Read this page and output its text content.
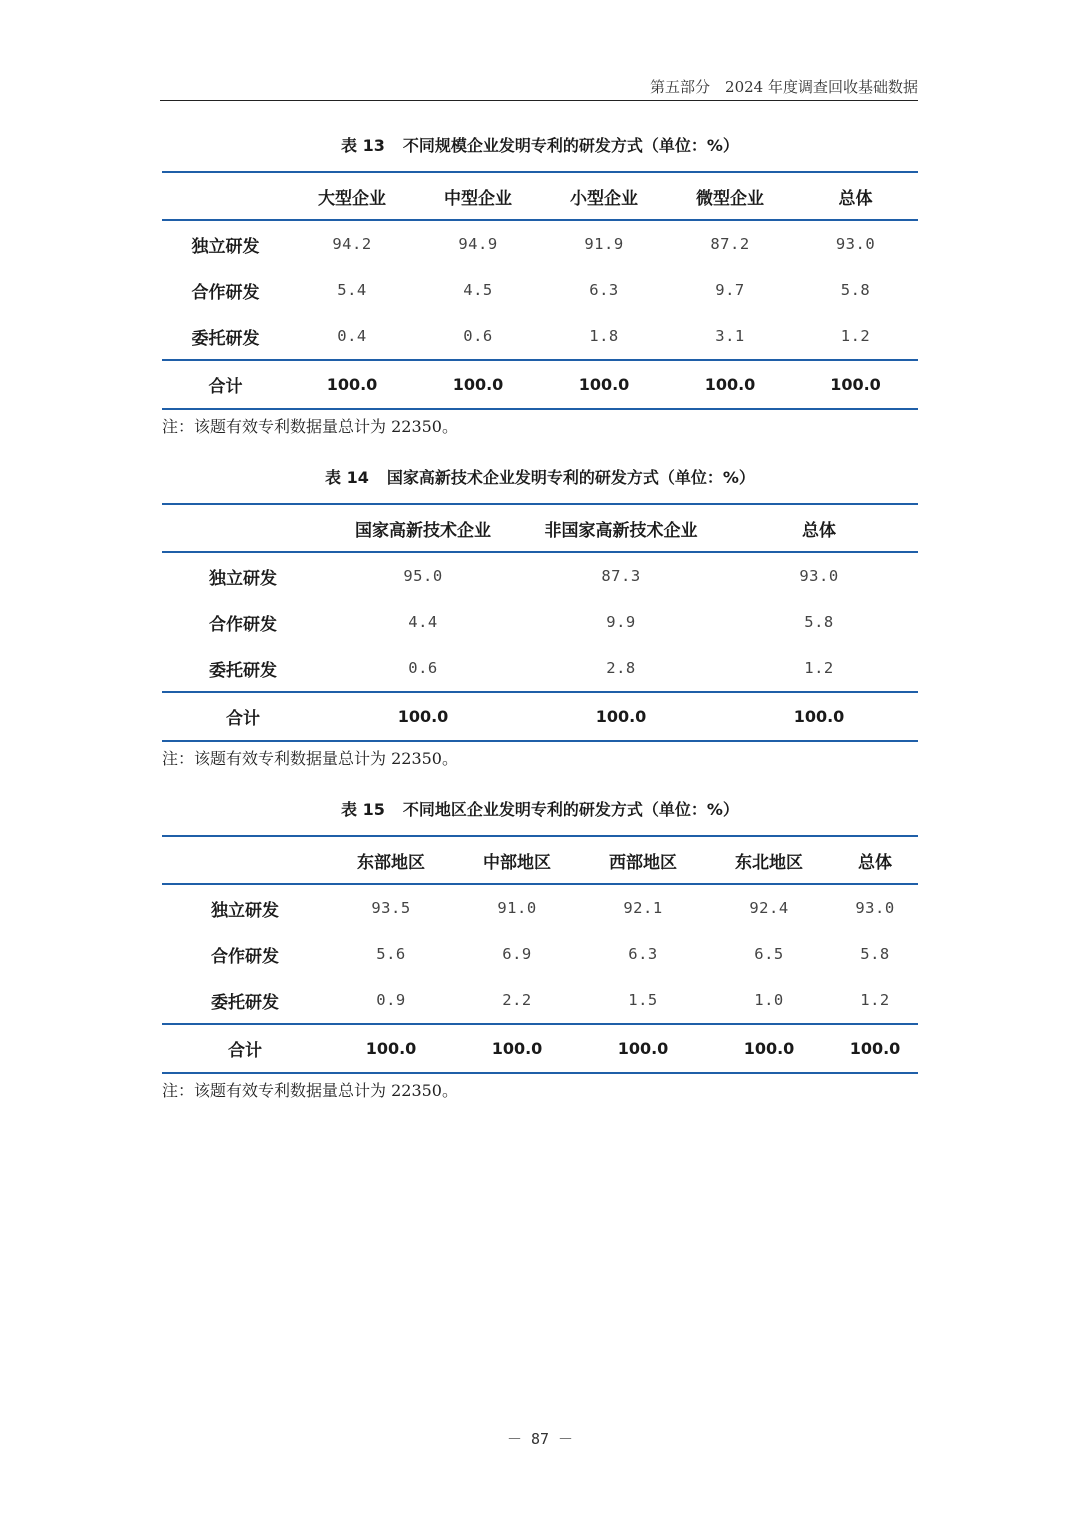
第五部分　2024 年度调查回收基础数据
表 13 不同规模企业发明专利的研发方式（单位：%）
	大型企业	中型企业	小型企业	微型企业	总体
独立研发	94.2	94.9	91.9	87.2	93.0
合作研发	5.4	4.5	6.3	9.7	5.8
委托研发	0.4	0.6	1.8	3.1	1.2
合计	100.0	100.0	100.0	100.0	100.0
注：该题有效专利数据量总计为 22350。
表 14 国家高新技术企业发明专利的研发方式（单位：%）
	国家高新技术企业	非国家高新技术企业	总体
独立研发	95.0	87.3	93.0
合作研发	4.4	9.9	5.8
委托研发	0.6	2.8	1.2
合计	100.0	100.0	100.0
注：该题有效专利数据量总计为 22350。
表 15 不同地区企业发明专利的研发方式（单位：%）
	东部地区	中部地区	西部地区	东北地区	总体
独立研发	93.5	91.0	92.1	92.4	93.0
合作研发	5.6	6.9	6.3	6.5	5.8
委托研发	0.9	2.2	1.5	1.0	1.2
合计	100.0	100.0	100.0	100.0	100.0
注：该题有效专利数据量总计为 22350。
－ 87 －
